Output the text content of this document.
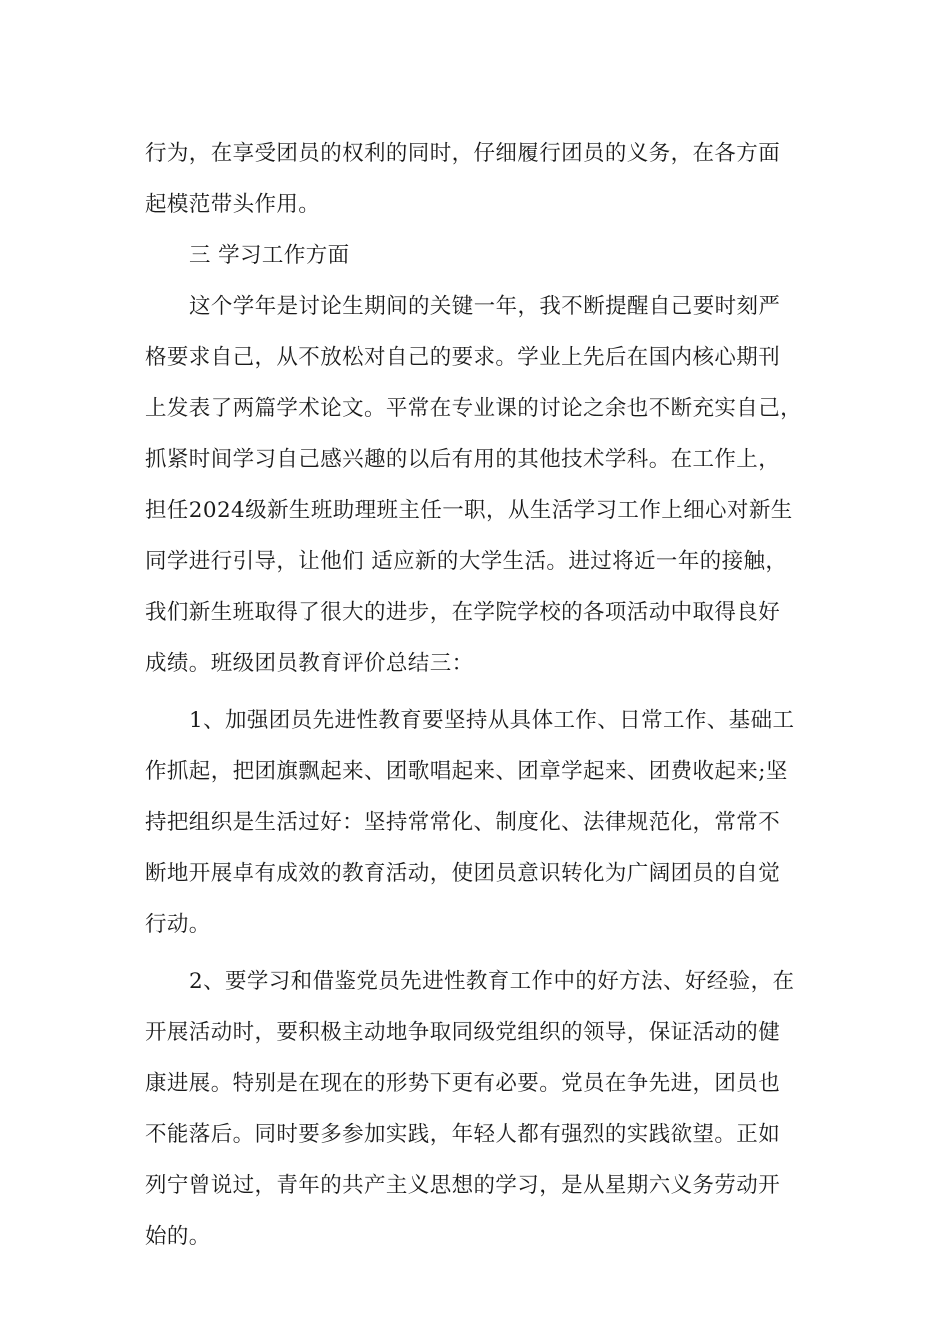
行为，在享受团员的权利的同时，仔细履行团员的义务，在各方面
起模范带头作用。
三 学习工作方面
这个学年是讨论生期间的关键一年，我不断提醒自己要时刻严
格要求自己，从不放松对自己的要求。学业上先后在国内核心期刊
上发表了两篇学术论文。平常在专业课的讨论之余也不断充实自己，
抓紧时间学习自己感兴趣的以后有用的其他技术学科。在工作上，
担任2024级新生班助理班主任一职，从生活学习工作上细心对新生
同学进行引导，让他们 适应新的大学生活。进过将近一年的接触，
我们新生班取得了很大的进步，在学院学校的各项活动中取得良好
成绩。班级团员教育评价总结三：
1、加强团员先进性教育要坚持从具体工作、日常工作、基础工
作抓起，把团旗飘起来、团歌唱起来、团章学起来、团费收起来;坚
持把组织是生活过好：坚持常常化、制度化、法律规范化，常常不
断地开展卓有成效的教育活动，使团员意识转化为广阔团员的自觉
行动。
2、要学习和借鉴党员先进性教育工作中的好方法、好经验，在
开展活动时，要积极主动地争取同级党组织的领导，保证活动的健
康进展。特别是在现在的形势下更有必要。党员在争先进，团员也
不能落后。同时要多参加实践，年轻人都有强烈的实践欲望。正如
列宁曾说过，青年的共产主义思想的学习，是从星期六义务劳动开
始的。
